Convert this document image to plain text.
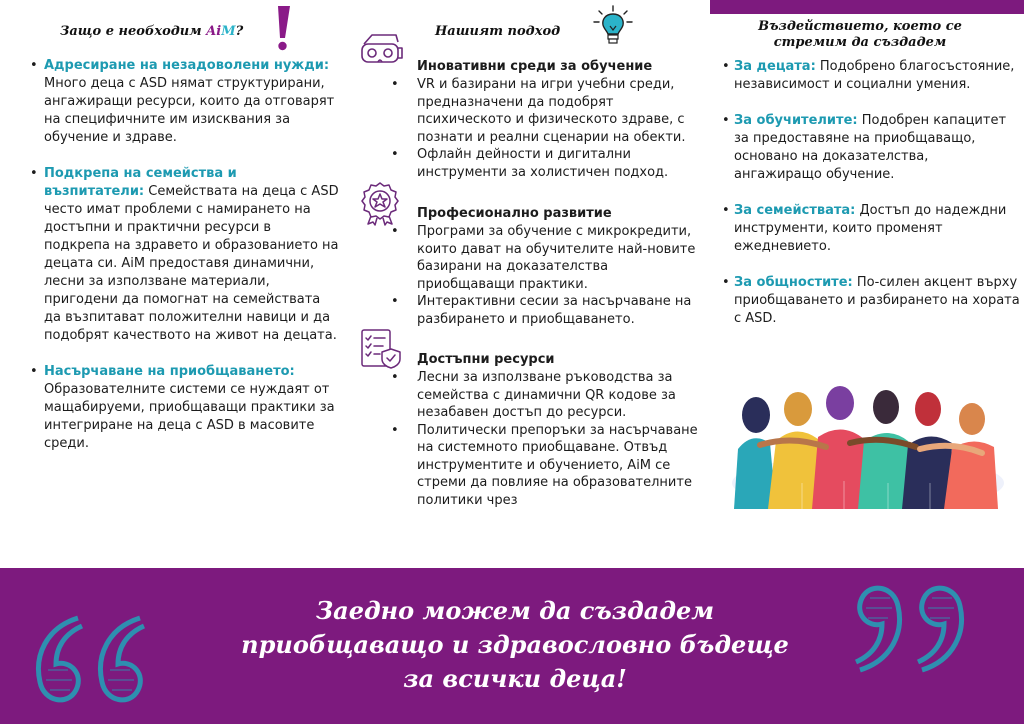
Защо е необходим AiM?
• Адресиране на незадоволени нужди: Много деца с ASD нямат структурирани, ангажиращи ресурси, които да отговарят на специфичните им изисквания за обучение и здраве.
• Подкрепа на семейства и възпитатели: Семействата на деца с ASD често имат проблеми с намирането на достъпни и практични ресурси в подкрепа на здравето и образованието на децата си. AiM предоставя динамични, лесни за използване материали, пригодени да помогнат на семействата да възпитават положителни навици и да подобрят качеството на живот на децата.
• Насърчаване на приобщаването: Образователните системи се нуждаят от мащабируеми, приобщаващи практики за интегриране на деца с ASD в масовите среди.
Нашият подход
Иновативни среди за обучение
• VR и базирани на игри учебни среди, предназначени да подобрят психическото и физическото здраве, с познати и реални сценарии на обекти.
• Офлайн дейности и дигитални инструменти за холистичен подход.
Професионално развитие
• Програми за обучение с микрокредити, които дават на обучителите най-новите базирани на доказателства приобщаващи практики.
• Интерактивни сесии за насърчаване на разбирането и приобщаването.
Достъпни ресурси
• Лесни за използване ръководства за семейства с динамични QR кодове за незабавен достъп до ресурси.
• Политически препоръки за насърчаване на системното приобщаване. Отвъд инструментите и обучението, AiM се стреми да повлияе на образователните политики чрез
Въздействието, което се стремим да създадем
• За децата: Подобрено благосъстояние, независимост и социални умения.
• За обучителите: Подобрен капацитет за предоставяне на приобщаващо, основано на доказателства, ангажиращо обучение.
• За семействата: Достъп до надеждни инструменти, които променят ежедневието.
• За общностите: По-силен акцент върху приобщаването и разбирането на хората с ASD.
Заедно можем да създадем
приобщаващо и здравословно бъдеще
за всички деца!
